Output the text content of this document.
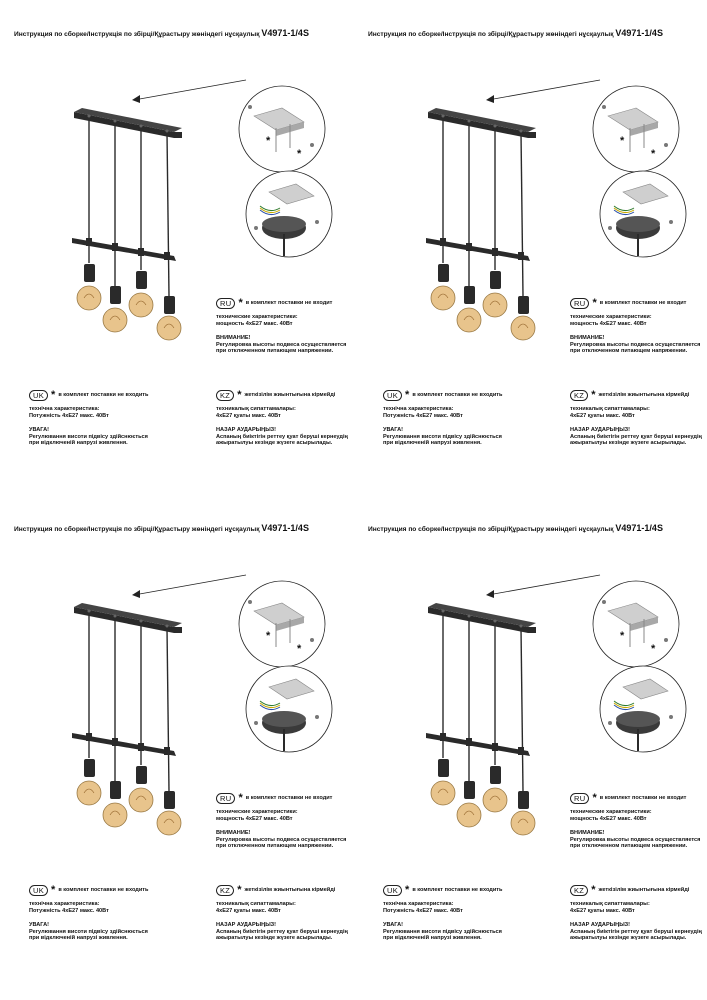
Инструкция по сборке/Інструкція по збірці/Құрастыру жөніндегі нұсқаулық V4971-1/4S
*
*
RU * в комплект поставки не входит
технические характеристики:
мощность 4хЕ27 макс. 40Вт
ВНИМАНИЕ!
Регулировка высоты подвеса осуществляется
при отключенном питающем напряжении.
UK * в комплект поставки не входить
технічна характеристика:
Потужність 4хЕ27 макс. 40Вт
УВАГА!
Регулювання висоти підвісу здійснюється
при відключеній напрузі живлення.
KZ * жеткізілім жиынтығына кірмейді
техникалық сипаттамалары:
4хЕ27 қуаты макс. 40Вт
НАЗАР АУДАРЫҢЫЗ!
Аспаның биіктігін реттеу қуат беруші кернеудің
ажыратылуы кезінде жүзеге асырылады.
Инструкция по сборке/Інструкція по збірці/Құрастыру жөніндегі нұсқаулық V4971-1/4S
*
*
RU * в комплект поставки не входит
технические характеристики:
мощность 4хЕ27 макс. 40Вт
ВНИМАНИЕ!
Регулировка высоты подвеса осуществляется
при отключенном питающем напряжении.
UK * в комплект поставки не входить
технічна характеристика:
Потужність 4хЕ27 макс. 40Вт
УВАГА!
Регулювання висоти підвісу здійснюється
при відключеній напрузі живлення.
KZ * жеткізілім жиынтығына кірмейді
техникалық сипаттамалары:
4хЕ27 қуаты макс. 40Вт
НАЗАР АУДАРЫҢЫЗ!
Аспаның биіктігін реттеу қуат беруші кернеудің
ажыратылуы кезінде жүзеге асырылады.
Инструкция по сборке/Інструкція по збірці/Құрастыру жөніндегі нұсқаулық V4971-1/4S
*
*
RU * в комплект поставки не входит
технические характеристики:
мощность 4хЕ27 макс. 40Вт
ВНИМАНИЕ!
Регулировка высоты подвеса осуществляется
при отключенном питающем напряжении.
UK * в комплект поставки не входить
технічна характеристика:
Потужність 4хЕ27 макс. 40Вт
УВАГА!
Регулювання висоти підвісу здійснюється
при відключеній напрузі живлення.
KZ * жеткізілім жиынтығына кірмейді
техникалық сипаттамалары:
4хЕ27 қуаты макс. 40Вт
НАЗАР АУДАРЫҢЫЗ!
Аспаның биіктігін реттеу қуат беруші кернеудің
ажыратылуы кезінде жүзеге асырылады.
Инструкция по сборке/Інструкція по збірці/Құрастыру жөніндегі нұсқаулық V4971-1/4S
*
*
RU * в комплект поставки не входит
технические характеристики:
мощность 4хЕ27 макс. 40Вт
ВНИМАНИЕ!
Регулировка высоты подвеса осуществляется
при отключенном питающем напряжении.
UK * в комплект поставки не входить
технічна характеристика:
Потужність 4хЕ27 макс. 40Вт
УВАГА!
Регулювання висоти підвісу здійснюється
при відключеній напрузі живлення.
KZ * жеткізілім жиынтығына кірмейді
техникалық сипаттамалары:
4хЕ27 қуаты макс. 40Вт
НАЗАР АУДАРЫҢЫЗ!
Аспаның биіктігін реттеу қуат беруші кернеудің
ажыратылуы кезінде жүзеге асырылады.
